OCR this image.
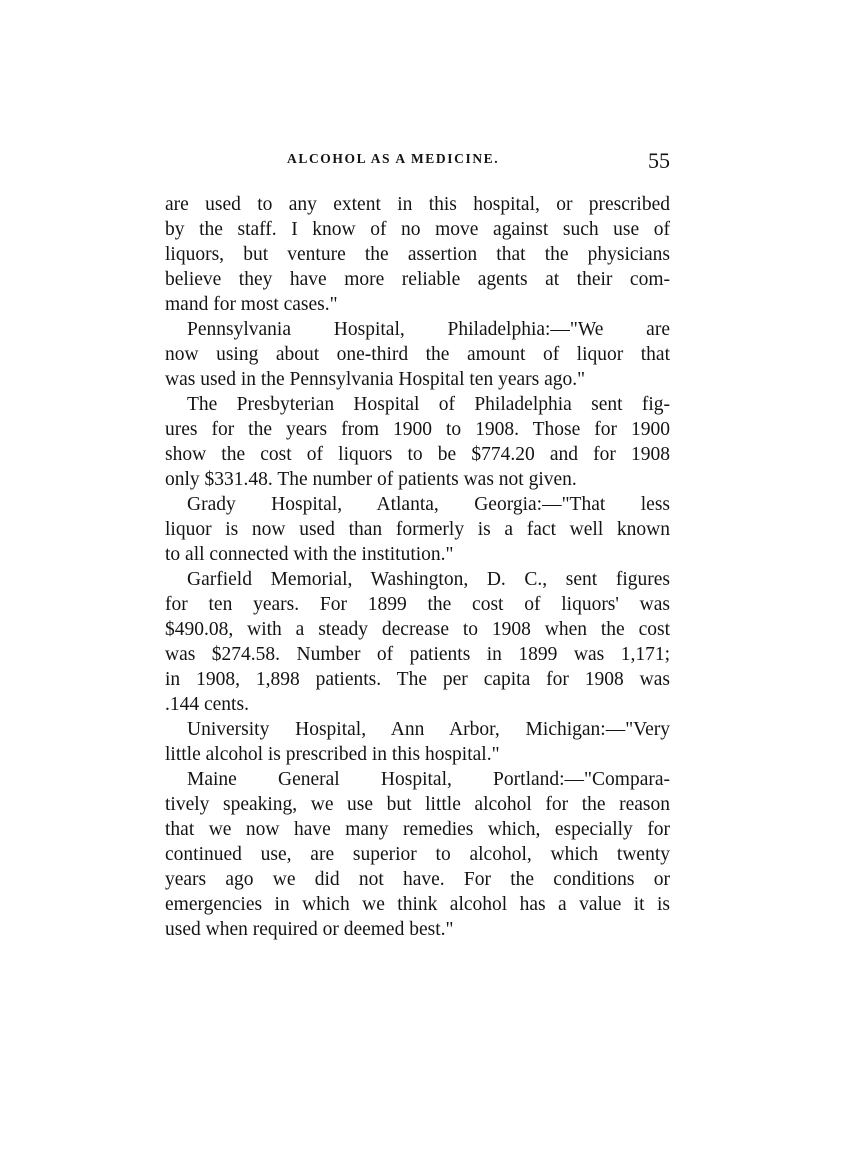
ALCOHOL AS A MEDICINE.	55
are used to any extent in this hospital, or prescribed
by the staff. I know of no move against such use of
liquors, but venture the assertion that the physicians
believe they have more reliable agents at their com-
mand for most cases."
Pennsylvania Hospital, Philadelphia:—"We are
now using about one-third the amount of liquor that
was used in the Pennsylvania Hospital ten years ago."
The Presbyterian Hospital of Philadelphia sent fig-
ures for the years from 1900 to 1908. Those for 1900
show the cost of liquors to be $774.20 and for 1908
only $331.48. The number of patients was not given.
Grady Hospital, Atlanta, Georgia:—"That less
liquor is now used than formerly is a fact well known
to all connected with the institution."
Garfield Memorial, Washington, D. C., sent figures
for ten years. For 1899 the cost of liquors' was
$490.08, with a steady decrease to 1908 when the cost
was $274.58. Number of patients in 1899 was 1,171;
in 1908, 1,898 patients. The per capita for 1908 was
.144 cents.
University Hospital, Ann Arbor, Michigan:—"Very
little alcohol is prescribed in this hospital."
Maine General Hospital, Portland:—"Compara-
tively speaking, we use but little alcohol for the reason
that we now have many remedies which, especially for
continued use, are superior to alcohol, which twenty
years ago we did not have. For the conditions or
emergencies in which we think alcohol has a value it is
used when required or deemed best."
